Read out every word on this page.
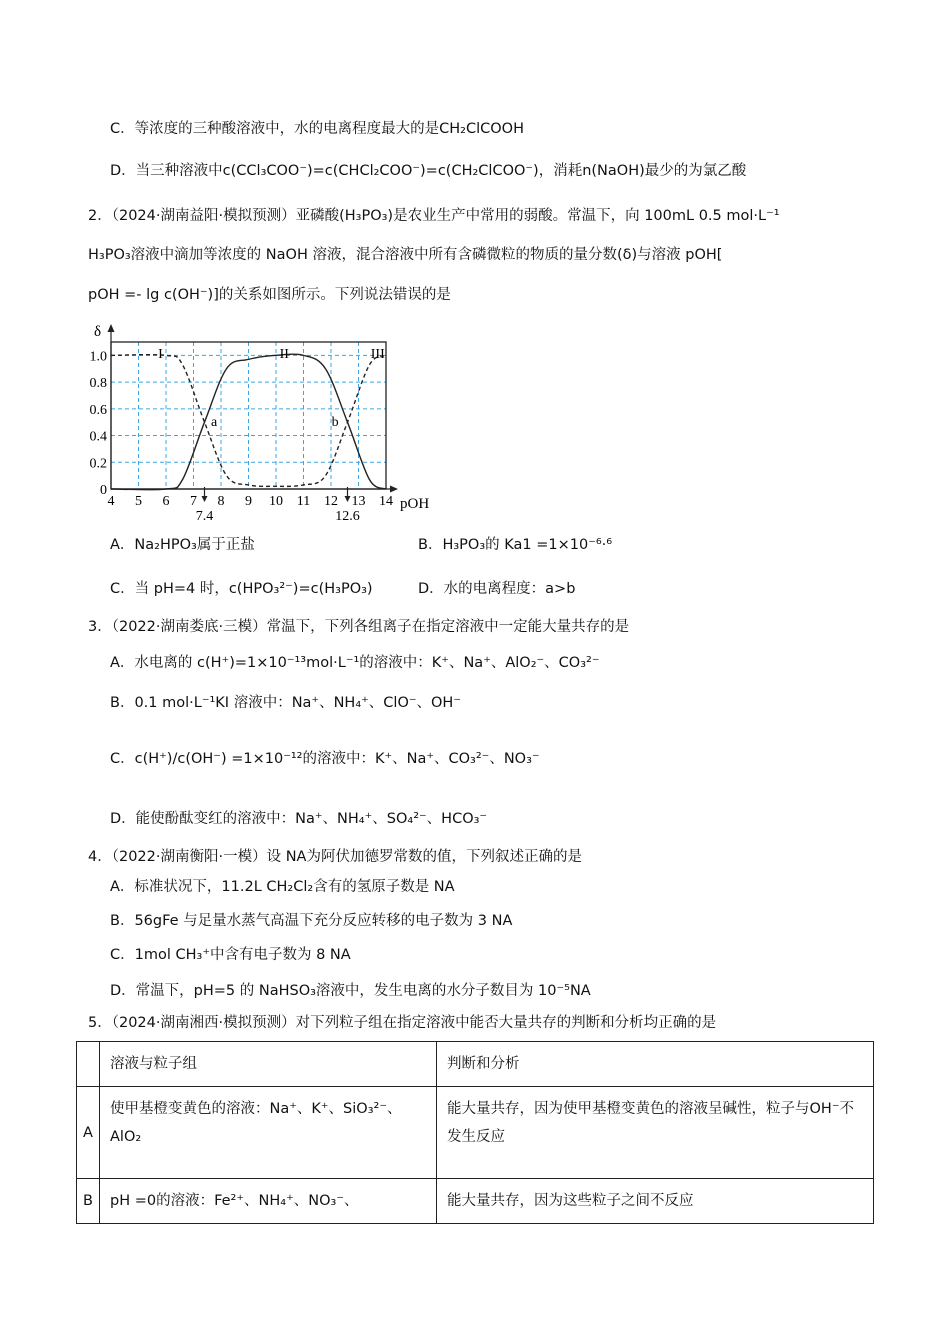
C．等浓度的三种酸溶液中，水的电离程度最大的是CH₂ClCOOH
D．当三种溶液中c(CCl₃COO⁻)=c(CHCl₂COO⁻)=c(CH₂ClCOO⁻)，消耗n(NaOH)最少的为氯乙酸
2．（2024·湖南益阳·模拟预测）亚磷酸(H₃PO₃)是农业生产中常用的弱酸。常温下，向 100mL 0.5 mol·L⁻¹
H₃PO₃溶液中滴加等浓度的 NaOH 溶液，混合溶液中所有含磷微粒的物质的量分数(δ)与溶液 pOH[
pOH =- lg c(OH⁻)]的关系如图所示。下列说法错误的是
δ
pOH
0
0.2
0.4
0.6
0.8
1.0
4 5 6 7 8 9 10 11 12 13 14
7.4	12.6
I	II	III
a	b
A．Na₂HPO₃属于正盐	B．H₃PO₃的 Ka1 =1×10⁻⁶·⁶
C．当 pH=4 时，c(HPO₃²⁻)=c(H₃PO₃)	D．水的电离程度：a>b
3．（2022·湖南娄底·三模）常温下，下列各组离子在指定溶液中一定能大量共存的是
A．水电离的 c(H⁺)=1×10⁻¹³mol·L⁻¹的溶液中：K⁺、Na⁺、AlO₂⁻、CO₃²⁻
B．0.1 mol·L⁻¹KI 溶液中：Na⁺、NH₄⁺、ClO⁻、OH⁻
C．c(H⁺)/c(OH⁻) =1×10⁻¹²的溶液中：K⁺、Na⁺、CO₃²⁻、NO₃⁻
D．能使酚酞变红的溶液中：Na⁺、NH₄⁺、SO₄²⁻、HCO₃⁻
4．（2022·湖南衡阳·一模）设 NA为阿伏加德罗常数的值，下列叙述正确的是
A．标准状况下，11.2L CH₂Cl₂含有的氢原子数是 NA
B．56gFe 与足量水蒸气高温下充分反应转移的电子数为 3 NA
C．1mol CH₃⁺中含有电子数为 8 NA
D．常温下，pH=5 的 NaHSO₃溶液中，发生电离的水分子数目为 10⁻⁵NA
5．（2024·湖南湘西·模拟预测）对下列粒子组在指定溶液中能否大量共存的判断和分析均正确的是
	溶液与粒子组	判断和分析
A	使甲基橙变黄色的溶液：Na⁺、K⁺、SiO₃²⁻、AlO₂	能大量共存，因为使甲基橙变黄色的溶液呈碱性，粒子与OH⁻不发生反应
B	pH =0的溶液：Fe²⁺、NH₄⁺、NO₃⁻、	能大量共存，因为这些粒子之间不反应
